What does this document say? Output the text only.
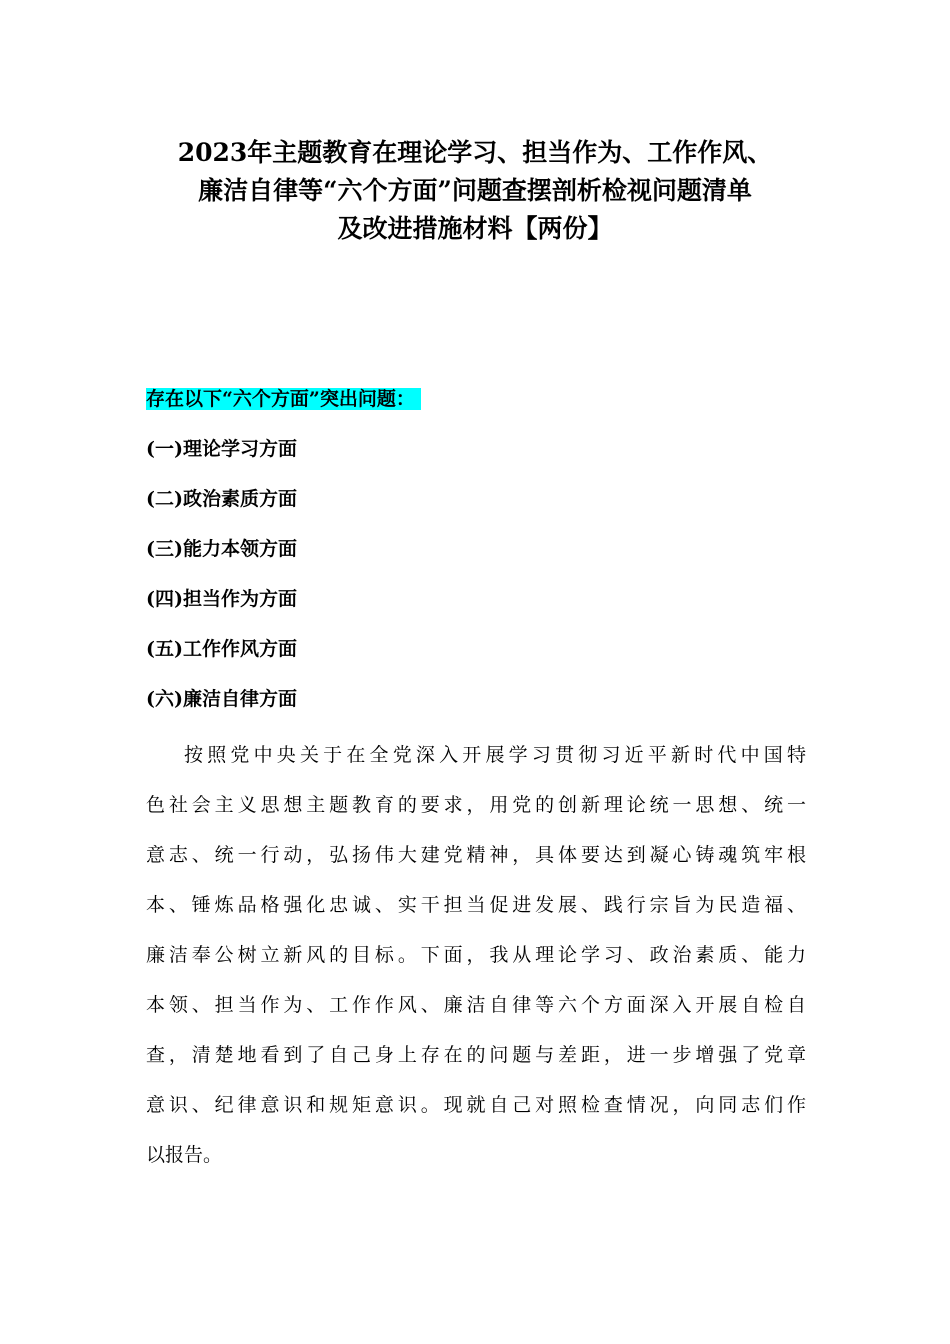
2023年主题教育在理论学习、担当作为、工作作风、
廉洁自律等“六个方面”问题查摆剖析检视问题清单
及改进措施材料【两份】
存在以下“六个方面”突出问题：
(一)理论学习方面
(二)政治素质方面
(三)能力本领方面
(四)担当作为方面
(五)工作作风方面
(六)廉洁自律方面
按照党中央关于在全党深入开展学习贯彻习近平新时代中国特
色社会主义思想主题教育的要求，用党的创新理论统一思想、统一
意志、统一行动，弘扬伟大建党精神，具体要达到凝心铸魂筑牢根
本、锤炼品格强化忠诚、实干担当促进发展、践行宗旨为民造福、
廉洁奉公树立新风的目标。下面，我从理论学习、政治素质、能力
本领、担当作为、工作作风、廉洁自律等六个方面深入开展自检自
查，清楚地看到了自己身上存在的问题与差距，进一步增强了党章
意识、纪律意识和规矩意识。现就自己对照检查情况，向同志们作
以报告。
